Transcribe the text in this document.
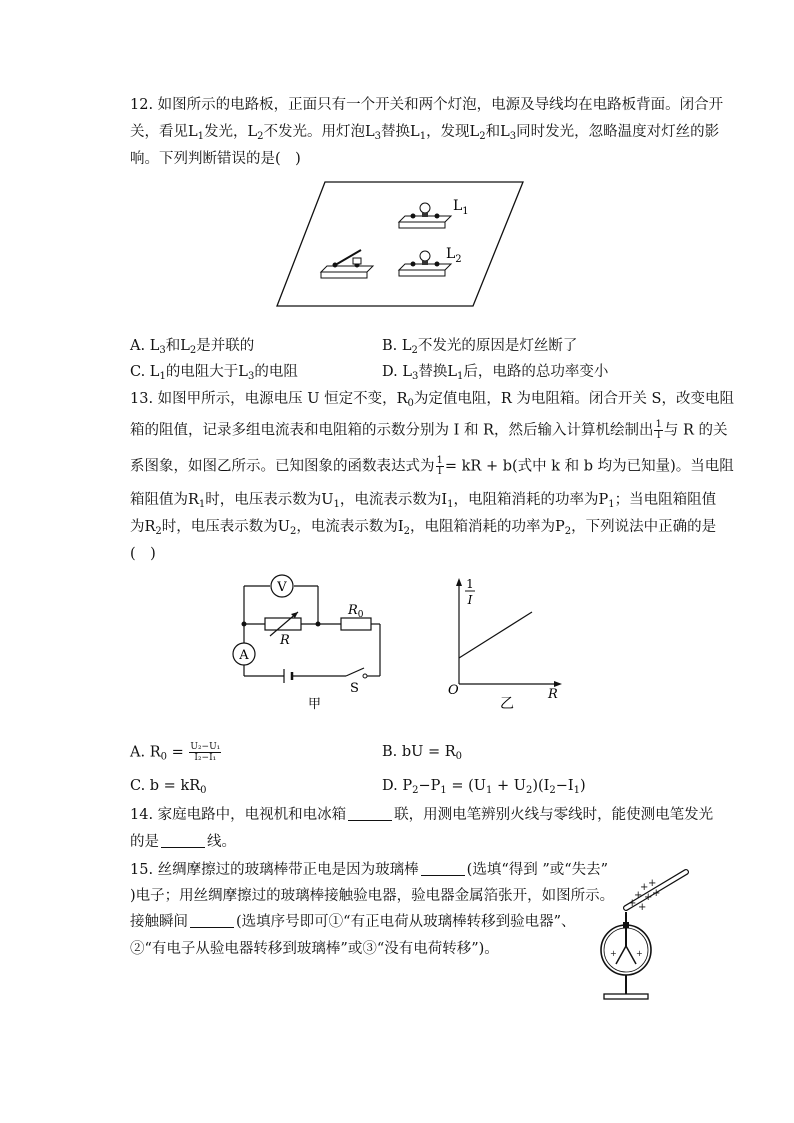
12. 如图所示的电路板，正面只有一个开关和两个灯泡，电源及导线均在电路板背面。闭合开
关，看见$L_1$发光，$L_2$不发光。用灯泡$L_3$替换$L_1$，发现$L_2$和$L_3$同时发光，忽略温度对灯丝的影
响。下列判断错误的是(　)
$L_1$
$L_2$
A. $L_3$和$L_2$是并联的	B. $L_2$不发光的原因是灯丝断了
C. $L_1$的电阻大于$L_3$的电阻	D. $L_3$替换$L_1$后，电路的总功率变小
13. 如图甲所示，电源电压 U 恒定不变，$R_0$为定值电阻，R 为电阻箱。闭合开关 S，改变电阻
箱的阻值，记录多组电流表和电阻箱的示数分别为 I 和 R，然后输入计算机绘制出 $\frac{1}{I}$ 与 R 的关
系图象，如图乙所示。已知图象的函数表达式为 $\frac{1}{I}$ = kR + b(式中 k 和 b 均为已知量)。当电阻
箱阻值为$R_1$时，电压表示数为$U_1$，电流表示数为$I_1$，电阻箱消耗的功率为$P_1$；当电阻箱阻值
为$R_2$时，电压表示数为$U_2$，电流表示数为$I_2$，电阻箱消耗的功率为$P_2$，下列说法中正确的是
(　)
V
A
R
$R_0$
S
甲
1
I
O	R
乙
A. $R_0 = \frac{\text{U₂−U₁}}{\text{I₂−I₁}}$	B. bU = $R_0$
C. $b = kR_0$	D. $P_2-P_1 = (U_1 + U_2)(I_2-I_1)$
14. 家庭电路中，电视机和电冰箱	联，用测电笔辨别火线与零线时，能使测电笔发光
的是	线。
15. 丝绸摩擦过的玻璃棒带正电是因为玻璃棒	(选填“得到 ”或“失去”
)电子；用丝绸摩擦过的玻璃棒接触验电器，验电器金属箔张开，如图所示。
接触瞬间	(选填序号即可①“有正电荷从玻璃棒转移到验电器”、
②“有电子从验电器转移到玻璃棒”或③“没有电荷转移”)。
+ +
+ + +
+ +
+ +
